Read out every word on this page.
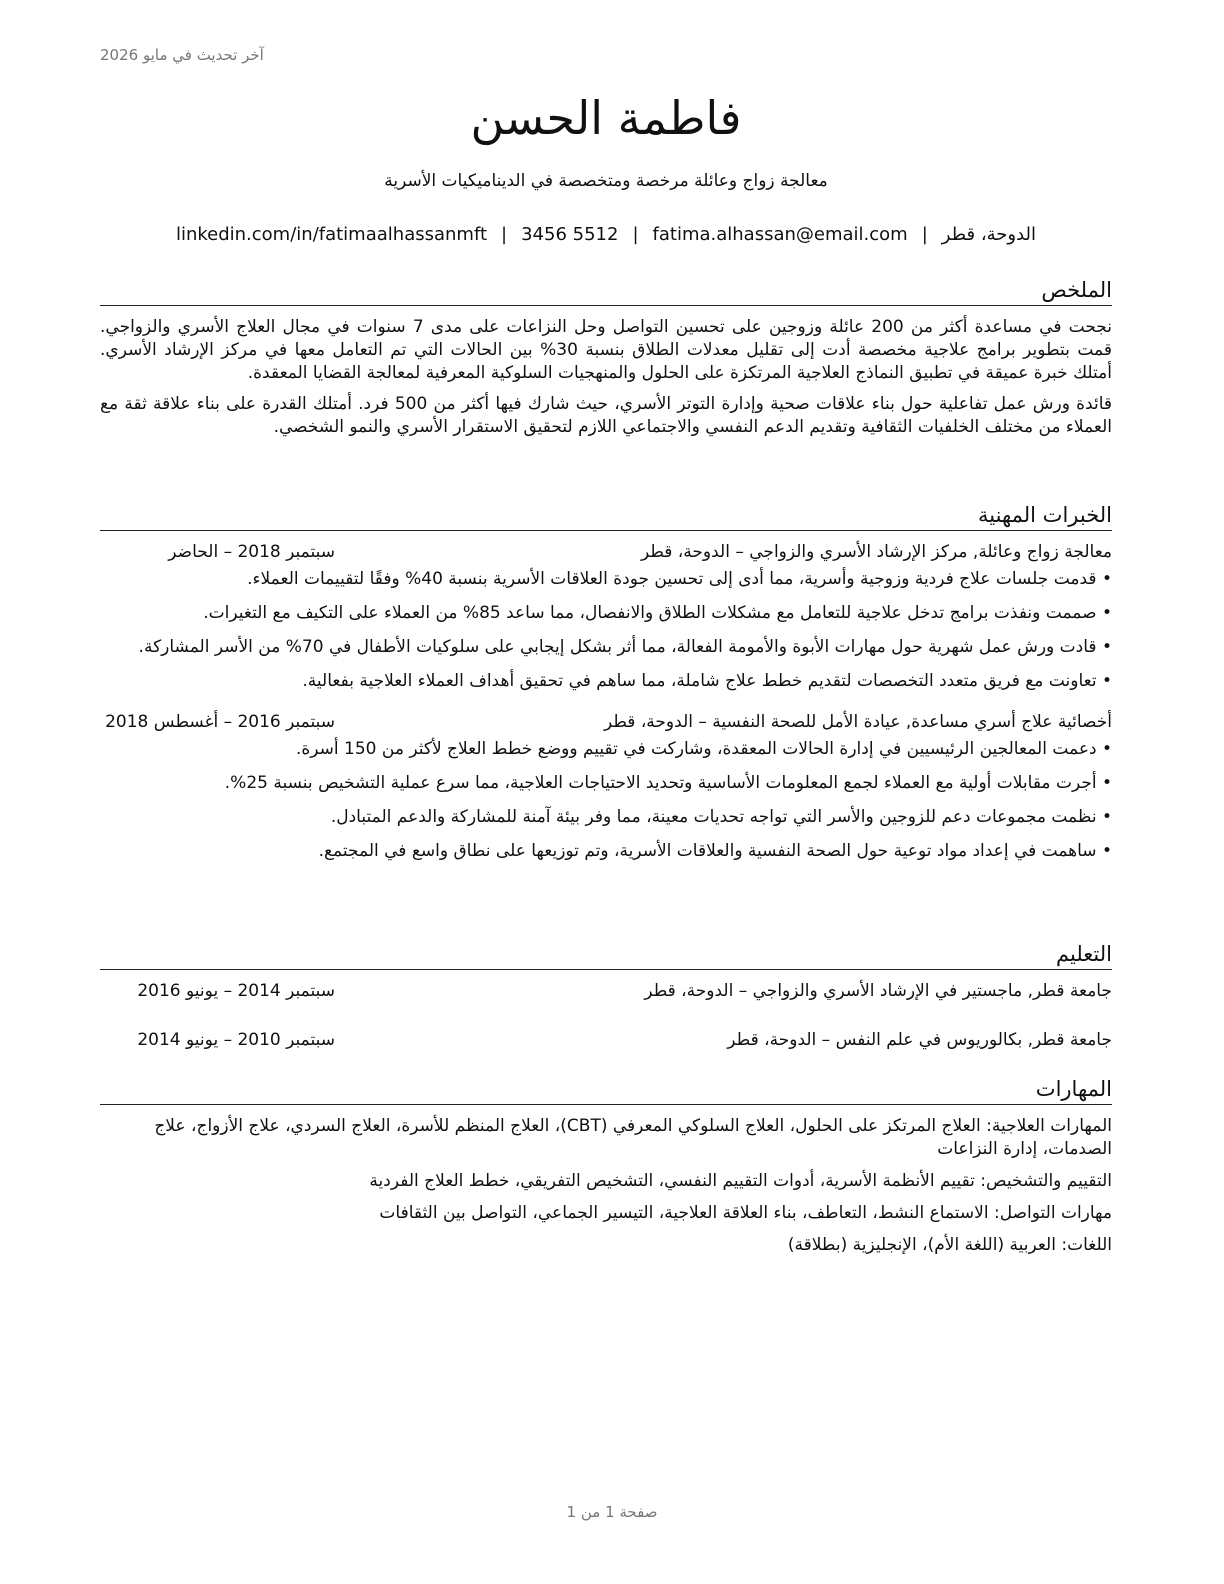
آخر تحديث في مايو 2026
فاطمة الحسن
معالجة زواج وعائلة مرخصة ومتخصصة في الديناميكيات الأسرية
الدوحة، قطر|fatima.alhassan@email.com|3456 5512|linkedin.com/in/fatimaalhassanmft
الملخص

نجحت في مساعدة أكثر من 200 عائلة وزوجين على تحسين التواصل وحل النزاعات على مدى 7 سنوات في مجال العلاج الأسري والزواجي. قمت بتطوير برامج علاجية مخصصة أدت إلى تقليل معدلات الطلاق بنسبة 30% بين الحالات التي تم التعامل معها في مركز الإرشاد الأسري. أمتلك خبرة عميقة في تطبيق النماذج العلاجية المرتكزة على الحلول والمنهجيات السلوكية المعرفية لمعالجة القضايا المعقدة.

قائدة ورش عمل تفاعلية حول بناء علاقات صحية وإدارة التوتر الأسري، حيث شارك فيها أكثر من 500 فرد. أمتلك القدرة على بناء علاقة ثقة مع العملاء من مختلف الخلفيات الثقافية وتقديم الدعم النفسي والاجتماعي اللازم لتحقيق الاستقرار الأسري والنمو الشخصي.

الخبرات المهنية
معالجة زواج وعائلة, مركز الإرشاد الأسري والزواجي – الدوحة، قطر
سبتمبر 2018 – الحاضر
• قدمت جلسات علاج فردية وزوجية وأسرية، مما أدى إلى تحسين جودة العلاقات الأسرية بنسبة 40% وفقًا لتقييمات العملاء.
• صممت ونفذت برامج تدخل علاجية للتعامل مع مشكلات الطلاق والانفصال، مما ساعد 85% من العملاء على التكيف مع التغيرات.
• قادت ورش عمل شهرية حول مهارات الأبوة والأمومة الفعالة، مما أثر بشكل إيجابي على سلوكيات الأطفال في 70% من الأسر المشاركة.
• تعاونت مع فريق متعدد التخصصات لتقديم خطط علاج شاملة، مما ساهم في تحقيق أهداف العملاء العلاجية بفعالية.
أخصائية علاج أسري مساعدة, عيادة الأمل للصحة النفسية – الدوحة، قطر
سبتمبر 2016 – أغسطس 2018
• دعمت المعالجين الرئيسيين في إدارة الحالات المعقدة، وشاركت في تقييم ووضع خطط العلاج لأكثر من 150 أسرة.
• أجرت مقابلات أولية مع العملاء لجمع المعلومات الأساسية وتحديد الاحتياجات العلاجية، مما سرع عملية التشخيص بنسبة 25%.
• نظمت مجموعات دعم للزوجين والأسر التي تواجه تحديات معينة، مما وفر بيئة آمنة للمشاركة والدعم المتبادل.
• ساهمت في إعداد مواد توعية حول الصحة النفسية والعلاقات الأسرية، وتم توزيعها على نطاق واسع في المجتمع.
التعليم
جامعة قطر, ماجستير في الإرشاد الأسري والزواجي – الدوحة، قطر
سبتمبر 2014 – يونيو 2016
جامعة قطر, بكالوريوس في علم النفس – الدوحة، قطر
سبتمبر 2010 – يونيو 2014
المهارات
المهارات العلاجية: العلاج المرتكز على الحلول، العلاج السلوكي المعرفي (CBT)، العلاج المنظم للأسرة، العلاج السردي، علاج الأزواج، علاج الصدمات، إدارة النزاعات
التقييم والتشخيص: تقييم الأنظمة الأسرية، أدوات التقييم النفسي، التشخيص التفريقي، خطط العلاج الفردية
مهارات التواصل: الاستماع النشط، التعاطف، بناء العلاقة العلاجية، التيسير الجماعي، التواصل بين الثقافات
اللغات: العربية (اللغة الأم)، الإنجليزية (بطلاقة)
صفحة 1 من 1
